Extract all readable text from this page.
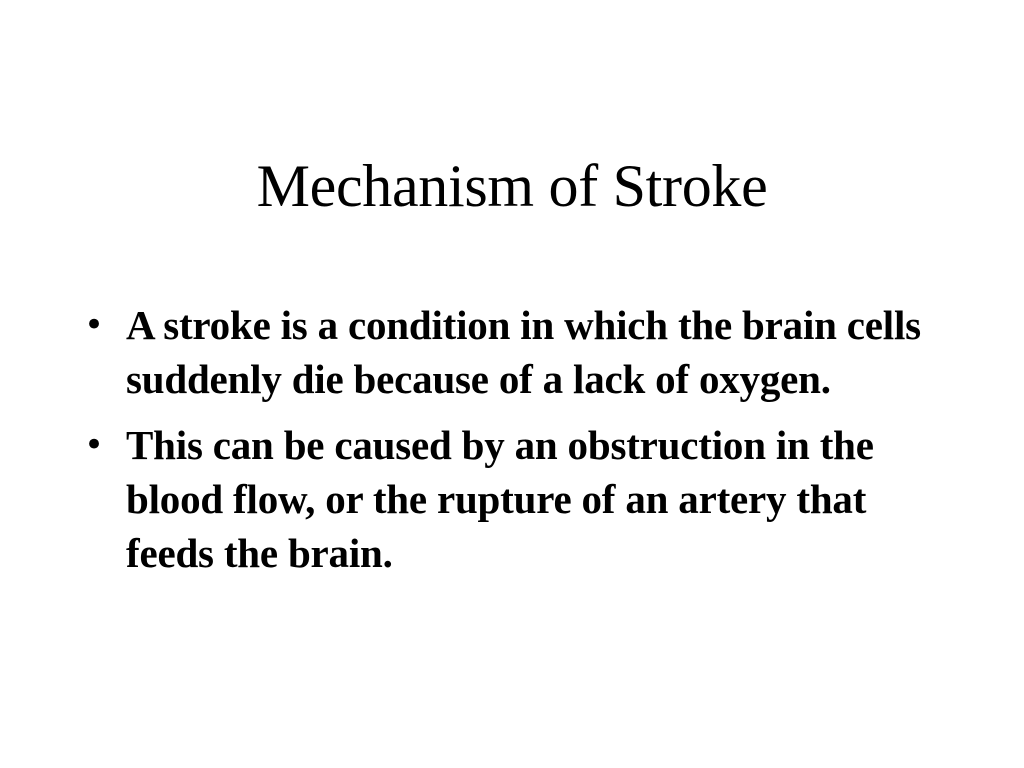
Mechanism of Stroke
• A stroke is a condition in which the brain cells suddenly die because of a lack of oxygen.
• This can be caused by an obstruction in the blood flow, or the rupture of an artery that feeds the brain.
